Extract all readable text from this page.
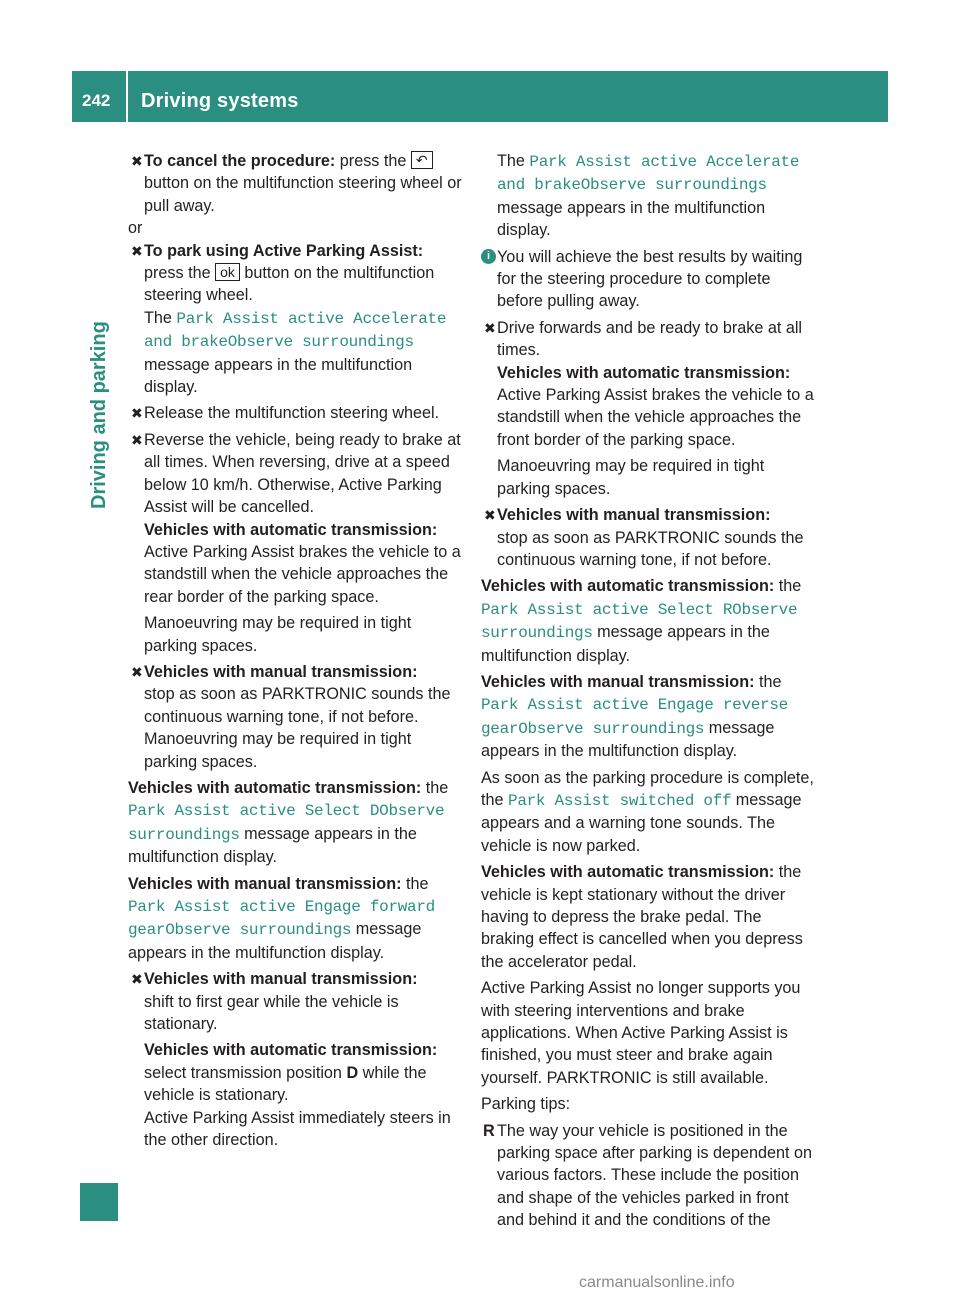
242 Driving systems
Driving and parking
✖ To cancel the procedure: press the ↶ button on the multifunction steering wheel or pull away.
or
✖ To park using Active Parking Assist:
press the ok button on the multifunction steering wheel.
The Park Assist active Accelerate and brakeObserve surroundings message appears in the multifunction display.
✖ Release the multifunction steering wheel.
✖ Reverse the vehicle, being ready to brake at all times. When reversing, drive at a speed below 10 km/h. Otherwise, Active Parking Assist will be cancelled.
Vehicles with automatic transmission:
Active Parking Assist brakes the vehicle to a standstill when the vehicle approaches the rear border of the parking space.
Manoeuvring may be required in tight parking spaces.
✖ Vehicles with manual transmission:
stop as soon as PARKTRONIC sounds the continuous warning tone, if not before.
Manoeuvring may be required in tight parking spaces.
Vehicles with automatic transmission: the Park Assist active Select DObserve surroundings message appears in the multifunction display.
Vehicles with manual transmission: the Park Assist active Engage forward gearObserve surroundings message appears in the multifunction display.
✖ Vehicles with manual transmission:
shift to first gear while the vehicle is stationary.
Vehicles with automatic transmission:
select transmission position D while the vehicle is stationary.
Active Parking Assist immediately steers in the other direction.
The Park Assist active Accelerate and brakeObserve surroundings message appears in the multifunction display.
i You will achieve the best results by waiting for the steering procedure to complete before pulling away.
✖ Drive forwards and be ready to brake at all times.
Vehicles with automatic transmission:
Active Parking Assist brakes the vehicle to a standstill when the vehicle approaches the front border of the parking space.
Manoeuvring may be required in tight parking spaces.
✖ Vehicles with manual transmission:
stop as soon as PARKTRONIC sounds the continuous warning tone, if not before.
Vehicles with automatic transmission: the Park Assist active Select RObserve surroundings message appears in the multifunction display.
Vehicles with manual transmission: the Park Assist active Engage reverse gearObserve surroundings message appears in the multifunction display.
As soon as the parking procedure is complete, the Park Assist switched off message appears and a warning tone sounds. The vehicle is now parked.
Vehicles with automatic transmission: the vehicle is kept stationary without the driver having to depress the brake pedal. The braking effect is cancelled when you depress the accelerator pedal.
Active Parking Assist no longer supports you with steering interventions and brake applications. When Active Parking Assist is finished, you must steer and brake again yourself. PARKTRONIC is still available.
Parking tips:
R The way your vehicle is positioned in the parking space after parking is dependent on various factors. These include the position and shape of the vehicles parked in front and behind it and the conditions of the
carmanualsonline.info
